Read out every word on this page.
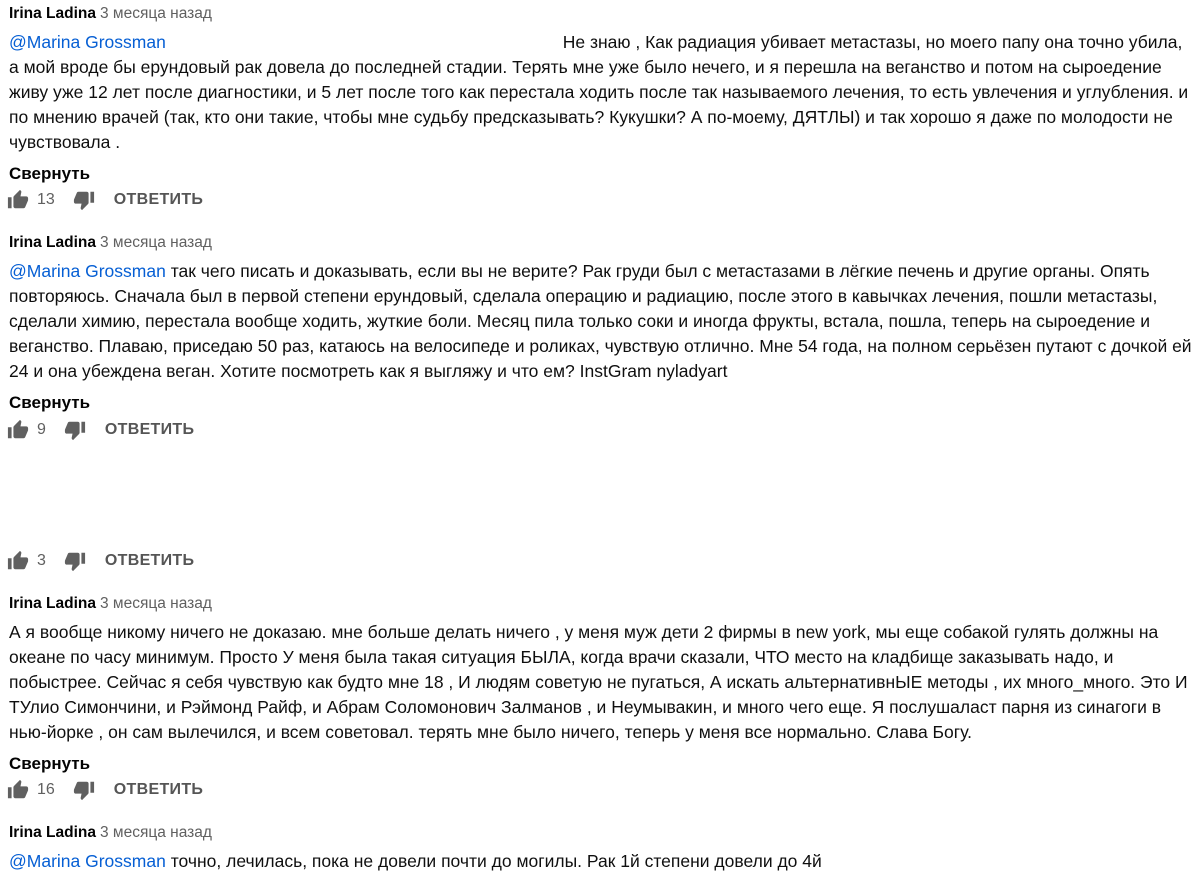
Irina Ladina 3 месяца назад
@Marina Grossman	Не знаю , Как радиация убивает метастазы, но моего папу она точно убила, а мой вроде бы ерундовый рак довела до последней стадии. Терять мне уже было нечего, и я перешла на веганство и потом на сыроедение живу уже 12 лет после диагностики, и 5 лет после того как перестала ходить после так называемого лечения, то есть увлечения и углубления. и по мнению врачей (так, кто они такие, чтобы мне судьбу предсказывать? Кукушки? А по-моему, ДЯТЛЫ) и так хорошо я даже по молодости не чувствовала .
Свернуть
13	ОТВЕТИТЬ
Irina Ladina 3 месяца назад
@Marina Grossman так чего писать и доказывать, если вы не верите? Рак груди был с метастазами в лёгкие печень и другие органы. Опять повторяюсь. Сначала был в первой степени ерундовый, сделала операцию и радиацию, после этого в кавычках лечения, пошли метастазы, сделали химию, перестала вообще ходить, жуткие боли. Месяц пила только соки и иногда фрукты, встала, пошла, теперь на сыроедение и веганство. Плаваю, приседаю 50 раз, катаюсь на велосипеде и роликах, чувствую отлично. Мне 54 года, на полном серьёзен путают с дочкой ей 24 и она убеждена веган. Хотите посмотреть как я выгляжу и что ем? InstGram nyladyart
Свернуть
9	ОТВЕТИТЬ
3	ОТВЕТИТЬ
Irina Ladina 3 месяца назад
А я вообще никому ничего не доказаю. мне больше делать ничего , у меня муж дети 2 фирмы в new york, мы еще собакой гулять должны на океане по часу минимум. Просто У меня была такая ситуация БЫЛА, когда врачи сказали, ЧТО место на кладбище заказывать надо, и побыстрее. Сейчас я себя чувствую как будто мне 18 , И людям советую не пугаться, А искать альтернативнЫЕ методы , их много_много. Это И ТУлио Симончини, и Рэймонд Райф, и Абрам Соломонович Залманов , и Неумывакин, и много чего еще. Я послушаласт парня из синагоги в нью-йорке , он сам вылечился, и всем советовал. терять мне было ничего, теперь у меня все нормально. Слава Богу.
Свернуть
16	ОТВЕТИТЬ
Irina Ladina 3 месяца назад
@Marina Grossman точно, лечилась, пока не довели почти до могилы. Рак 1й степени довели до 4й
